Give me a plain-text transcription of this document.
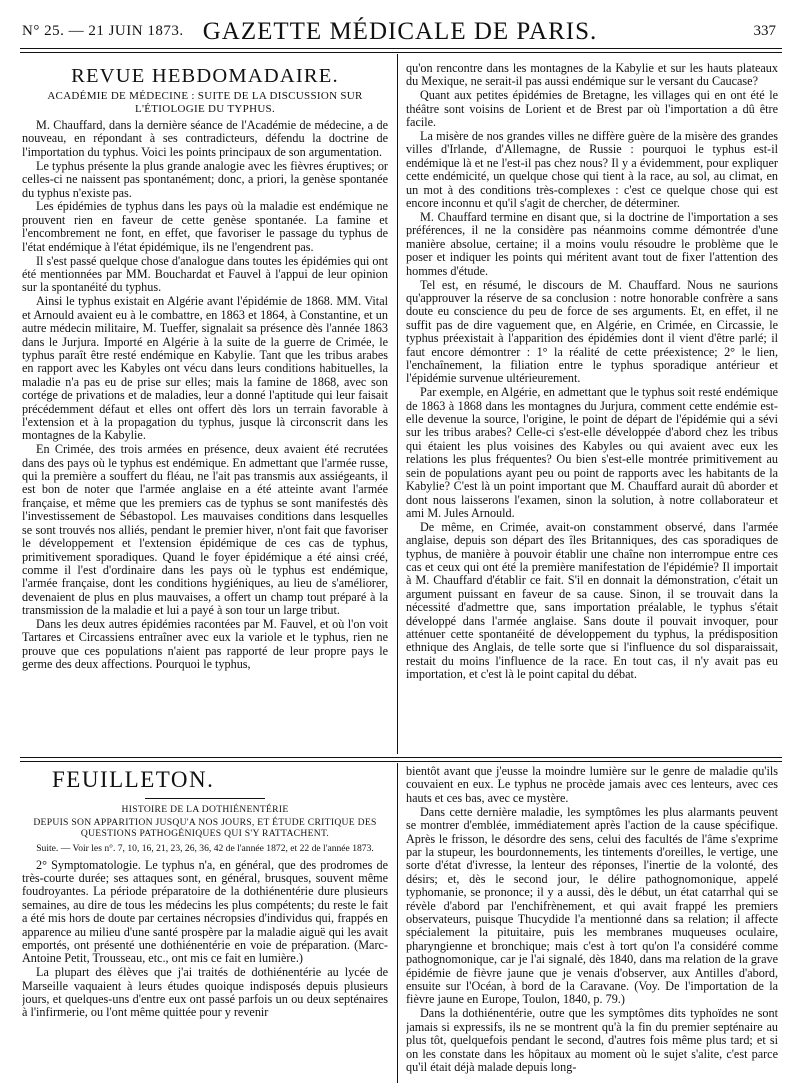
N° 25. — 21 JUIN 1873. GAZETTE MÉDICALE DE PARIS.	337
REVUE HEBDOMADAIRE.
ACADÉMIE DE MÉDECINE : SUITE DE LA DISCUSSION SUR L'ÉTIOLOGIE DU TYPHUS.

M. Chauffard, dans la dernière séance de l'Académie de médecine, a de nouveau, en répondant à ses contradicteurs, défendu la doctrine de l'importation du typhus. Voici les points principaux de son argumentation.

Le typhus présente la plus grande analogie avec les fièvres éruptives; or celles-ci ne naissent pas spontanément; donc, a priori, la genèse spontanée du typhus n'existe pas.

Les épidémies de typhus dans les pays où la maladie est endémique ne prouvent rien en faveur de cette genèse spontanée. La famine et l'encombrement ne font, en effet, que favoriser le passage du typhus de l'état endémique à l'état épidémique, ils ne l'engendrent pas.

Il s'est passé quelque chose d'analogue dans toutes les épidémies qui ont été mentionnées par MM. Bouchardat et Fauvel à l'appui de leur opinion sur la spontanéité du typhus.

Ainsi le typhus existait en Algérie avant l'épidémie de 1868. MM. Vital et Arnould avaient eu à le combattre, en 1863 et 1864, à Constantine, et un autre médecin militaire, M. Tueffer, signalait sa présence dès l'année 1863 dans le Jurjura. Importé en Algérie à la suite de la guerre de Crimée, le typhus paraît être resté endémique en Kabylie. Tant que les tribus arabes en rapport avec les Kabyles ont vécu dans leurs conditions habituelles, la maladie n'a pas eu de prise sur elles; mais la famine de 1868, avec son cortége de privations et de maladies, leur a donné l'aptitude qui leur faisait précédemment défaut et elles ont offert dès lors un terrain favorable à l'extension et à la propagation du typhus, jusque là circonscrit dans les montagnes de la Kabylie.

En Crimée, des trois armées en présence, deux avaient été recrutées dans des pays où le typhus est endémique. En admettant que l'armée russe, qui la première a souffert du fléau, ne l'ait pas transmis aux assiégeants, il est bon de noter que l'armée anglaise en a été atteinte avant l'armée française, et même que les premiers cas de typhus se sont manifestés dès l'investissement de Sébastopol. Les mauvaises conditions dans lesquelles se sont trouvés nos alliés, pendant le premier hiver, n'ont fait que favoriser le développement et l'extension épidémique de ces cas de typhus, primitivement sporadiques. Quand le foyer épidémique a été ainsi créé, comme il l'est d'ordinaire dans les pays où le typhus est endémique, l'armée française, dont les conditions hygiéniques, au lieu de s'améliorer, devenaient de plus en plus mauvaises, a offert un champ tout préparé à la transmission de la maladie et lui a payé à son tour un large tribut.

Dans les deux autres épidémies racontées par M. Fauvel, et où l'on voit Tartares et Circassiens entraîner avec eux la variole et le typhus, rien ne prouve que ces populations n'aient pas rapporté de leur propre pays le germe des deux affections. Pourquoi le typhus,

qu'on rencontre dans les montagnes de la Kabylie et sur les hauts plateaux du Mexique, ne serait-il pas aussi endémique sur le versant du Caucase?

Quant aux petites épidémies de Bretagne, les villages qui en ont été le théâtre sont voisins de Lorient et de Brest par où l'importation a dû être facile.

La misère de nos grandes villes ne diffère guère de la misère des grandes villes d'Irlande, d'Allemagne, de Russie : pourquoi le typhus est-il endémique là et ne l'est-il pas chez nous? Il y a évidemment, pour expliquer cette endémicité, un quelque chose qui tient à la race, au sol, au climat, en un mot à des conditions très-complexes : c'est ce quelque chose qui est encore inconnu et qu'il s'agit de chercher, de déterminer.

M. Chauffard termine en disant que, si la doctrine de l'importation a ses préférences, il ne la considère pas néanmoins comme démontrée d'une manière absolue, certaine; il a moins voulu résoudre le problème que le poser et indiquer les points qui méritent avant tout de fixer l'attention des hommes d'étude.

Tel est, en résumé, le discours de M. Chauffard. Nous ne saurions qu'approuver la réserve de sa conclusion : notre honorable confrère a sans doute eu conscience du peu de force de ses arguments. Et, en effet, il ne suffit pas de dire vaguement que, en Algérie, en Crimée, en Circassie, le typhus préexistait à l'apparition des épidémies dont il vient d'être parlé; il faut encore démontrer : 1° la réalité de cette préexistence; 2° le lien, l'enchaînement, la filiation entre le typhus sporadique antérieur et l'épidémie survenue ultérieurement.

Par exemple, en Algérie, en admettant que le typhus soit resté endémique de 1863 à 1868 dans les montagnes du Jurjura, comment cette endémie est-elle devenue la source, l'origine, le point de départ de l'épidémie qui a sévi sur les tribus arabes? Celle-ci s'est-elle développée d'abord chez les tribus qui étaient les plus voisines des Kabyles ou qui avaient avec eux les relations les plus fréquentes? Ou bien s'est-elle montrée primitivement au sein de populations ayant peu ou point de rapports avec les habitants de la Kabylie? C'est là un point important que M. Chauffard aurait dû aborder et dont nous laisserons l'examen, sinon la solution, à notre collaborateur et ami M. Jules Arnould.

De même, en Crimée, avait-on constamment observé, dans l'armée anglaise, depuis son départ des îles Britanniques, des cas sporadiques de typhus, de manière à pouvoir établir une chaîne non interrompue entre ces cas et ceux qui ont été la première manifestation de l'épidémie? Il importait à M. Chauffard d'établir ce fait. S'il en donnait la démonstration, c'était un argument puissant en faveur de sa cause. Sinon, il se trouvait dans la nécessité d'admettre que, sans importation préalable, le typhus s'était développé dans l'armée anglaise. Sans doute il pouvait invoquer, pour atténuer cette spontanéité de développement du typhus, la prédisposition ethnique des Anglais, de telle sorte que si l'influence du sol disparaissait, restait du moins l'influence de la race. En tout cas, il n'y avait pas eu importation, et c'est là le point capital du débat.

FEUILLETON.
HISTOIRE DE LA DOTHIÉNENTÉRIE
DEPUIS SON APPARITION JUSQU'A NOS JOURS, ET ÉTUDE CRITIQUE DES QUESTIONS PATHOGÉNIQUES QUI S'Y RATTACHENT.

Suite. — Voir les n°. 7, 10, 16, 21, 23, 26, 36, 42 de l'année 1872, et 22 de l'année 1873.

2° Symptomatologie. Le typhus n'a, en général, que des prodromes de très-courte durée; ses attaques sont, en général, brusques, souvent même foudroyantes. La période préparatoire de la dothiénentérie dure plusieurs semaines, au dire de tous les médecins les plus compétents; du reste le fait a été mis hors de doute par certaines nécropsies d'individus qui, frappés en apparence au milieu d'une santé prospère par la maladie aiguë qui les avait emportés, ont présenté une dothiénentérie en voie de préparation. (Marc-Antoine Petit, Trousseau, etc., ont mis ce fait en lumière.)

La plupart des élèves que j'ai traités de dothiénentérie au lycée de Marseille vaquaient à leurs études quoique indisposés depuis plusieurs jours, et quelques-uns d'entre eux ont passé parfois un ou deux septénaires à l'infirmerie, ou l'ont même quittée pour y revenir

bientôt avant que j'eusse la moindre lumière sur le genre de maladie qu'ils couvaient en eux. Le typhus ne procède jamais avec ces lenteurs, avec ces hauts et ces bas, avec ce mystère.

Dans cette dernière maladie, les symptômes les plus alarmants peuvent se montrer d'emblée, immédiatement après l'action de la cause spécifique. Après le frisson, le désordre des sens, celui des facultés de l'âme s'exprime par la stupeur, les bourdonnements, les tintements d'oreilles, le vertige, une sorte d'état d'ivresse, la lenteur des réponses, l'inertie de la volonté, des désirs; et, dès le second jour, le délire pathognomonique, appelé typhomanie, se prononce; il y a aussi, dès le début, un état catarrhal qui se révèle d'abord par l'enchifrènement, et qui avait frappé les premiers observateurs, puisque Thucydide l'a mentionné dans sa relation; il affecte spécialement la pituitaire, puis les membranes muqueuses oculaire, pharyngienne et bronchique; mais c'est à tort qu'on l'a considéré comme pathognomonique, car je l'ai signalé, dès 1840, dans ma relation de la grave épidémie de fièvre jaune que je venais d'observer, aux Antilles d'abord, ensuite sur l'Océan, à bord de la Caravane. (Voy. De l'importation de la fièvre jaune en Europe, Toulon, 1840, p. 79.)

Dans la dothiénentérie, outre que les symptômes dits typhoïdes ne sont jamais si expressifs, ils ne se montrent qu'à la fin du premier septénaire au plus tôt, quelquefois pendant le second, d'autres fois même plus tard; et si on les constate dans les hôpitaux au moment où le sujet s'alite, c'est parce qu'il était déjà malade depuis long-
